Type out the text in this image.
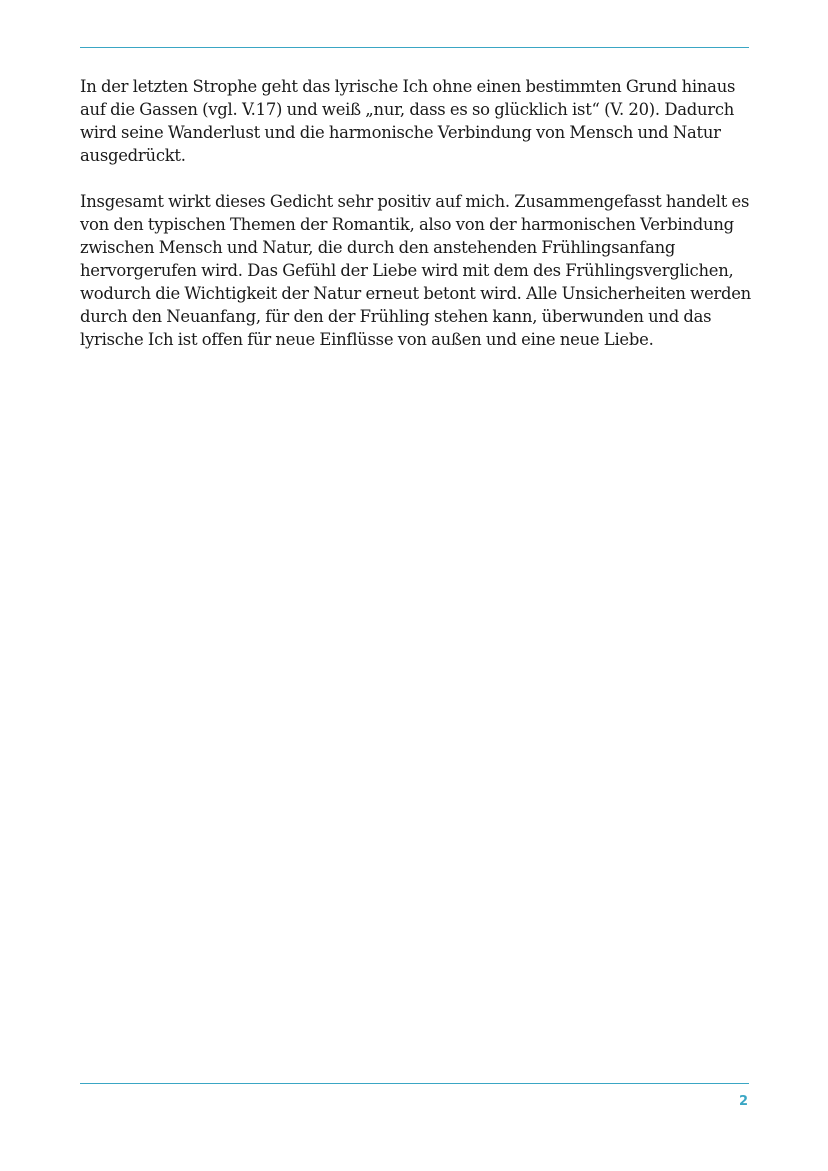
In der letzten Strophe geht das lyrische Ich ohne einen bestimmten Grund hinaus auf die Gassen (vgl. V.17) und weiß „nur, dass es so glücklich ist“ (V. 20). Dadurch wird seine Wanderlust und die harmonische Verbindung von Mensch und Natur ausgedrückt.

Insgesamt wirkt dieses Gedicht sehr positiv auf mich. Zusammengefasst handelt es von den typischen Themen der Romantik, also von der harmonischen Verbindung zwischen Mensch und Natur, die durch den anstehenden Frühlingsanfang hervorgerufen wird. Das Gefühl der Liebe wird mit dem des Frühlingsverglichen, wodurch die Wichtigkeit der Natur erneut betont wird. Alle Unsicherheiten werden durch den Neuanfang, für den der Frühling stehen kann, überwunden und das lyrische Ich ist offen für neue Einflüsse von außen und eine neue Liebe.

2
